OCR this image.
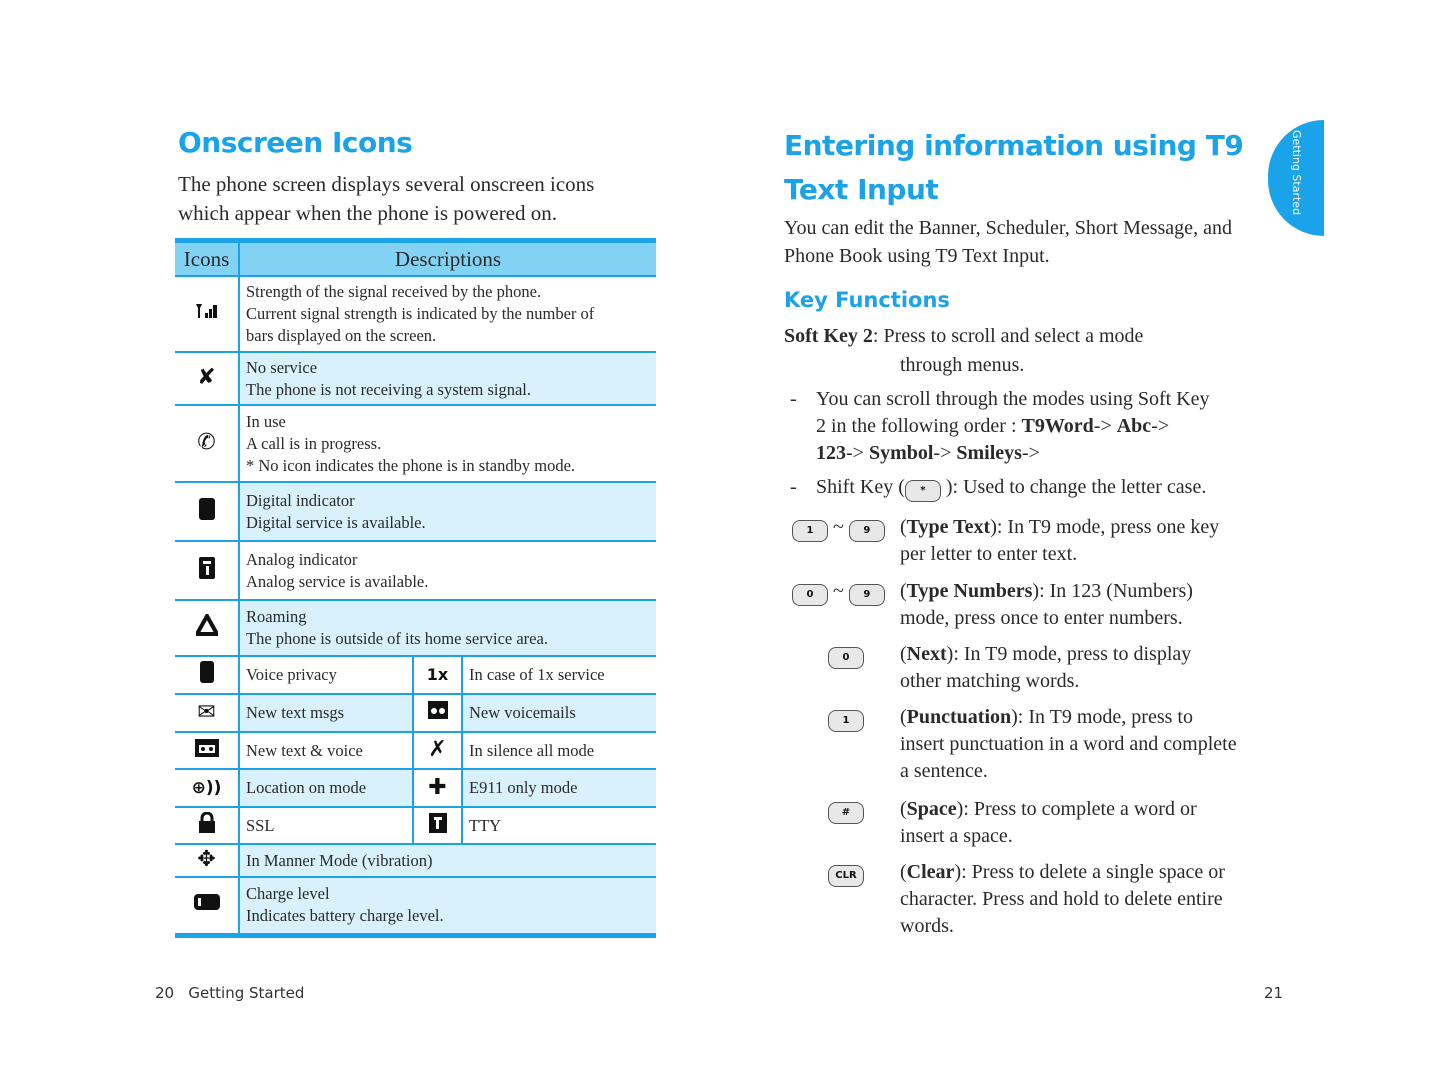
Onscreen Icons

The phone screen displays several onscreen icons which appear when the phone is powered on.

Icons	Descriptions		

Strength of the signal received by the phone.
Current signal strength is indicated by the number of
bars displayed on the screen.		

✘	No service
The phone is not receiving a system signal.		

✆	In use
A call is in progress.
* No icon indicates the phone is in standby mode.		

Digital indicator
Digital service is available.		

Analog indicator
Analog service is available.		

Roaming
The phone is outside of its home service area.		

	Voice privacy	1x	In case of 1x service
✉	New text msgs		New voicemails
	New text & voice	✗	In silence all mode
⊕))	Location on mode	✚	E911 only mode
	SSL		TTY
✥	In Manner Mode (vibration)		

Charge level
Indicates battery charge level.		
20 Getting Started
Entering information using T9 Text Input

You can edit the Banner, Scheduler, Short Message, and Phone Book using T9 Text Input.

Key Functions
Soft Key 2: Press to scroll and select a mode
through menus.
- You can scroll through the modes using Soft Key
2 in the following order : T9Word-> Abc->
123-> Symbol-> Smileys->
- Shift Key ( * ): Used to change the letter case.
1 ~ 9	(Type Text): In T9 mode, press one key
per letter to enter text.
0 ~ 9	(Type Numbers): In 123 (Numbers)
mode, press once to enter numbers.
0	(Next): In T9 mode, press to display
other matching words.
1	(Punctuation): In T9 mode, press to
insert punctuation in a word and complete
a sentence.
#	(Space): Press to complete a word or
insert a space.
CLR	(Clear): Press to delete a single space or
character. Press and hold to delete entire
words.
21
Getting Started
